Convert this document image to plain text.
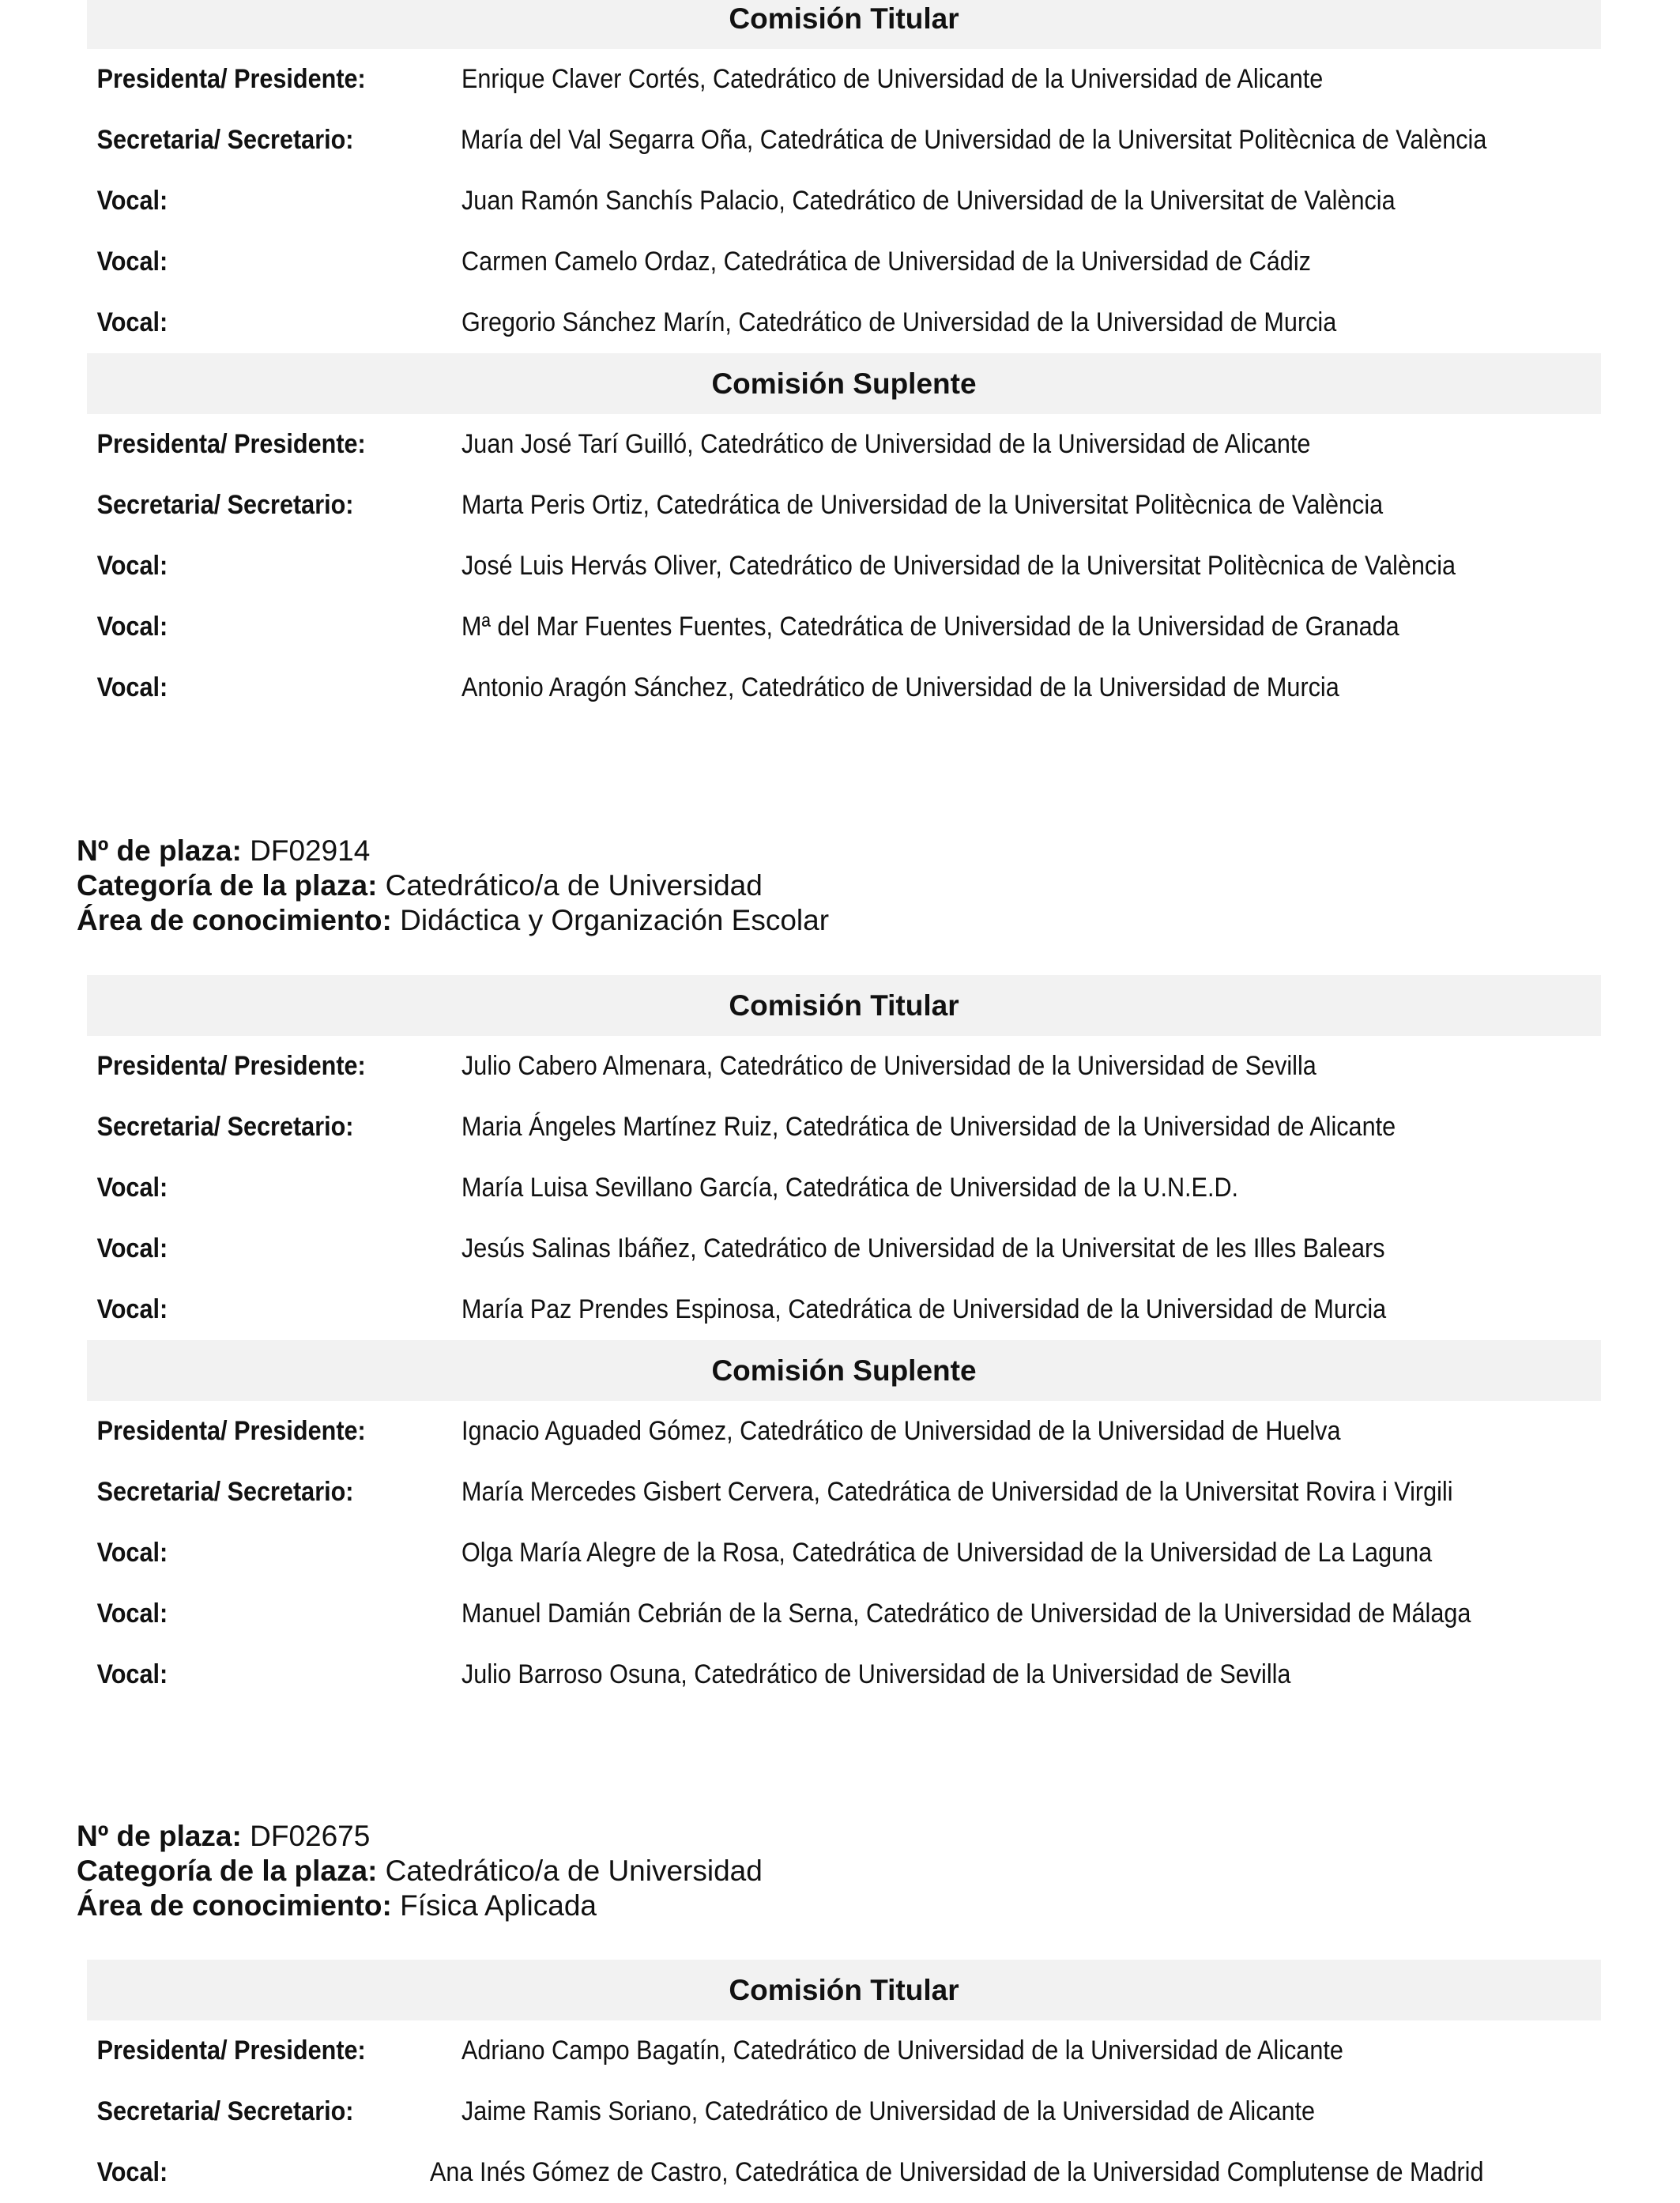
Comisión Titular
Presidenta/ Presidente:	Enrique Claver Cortés, Catedrático de Universidad de la Universidad de Alicante
Secretaria/ Secretario:	María del Val Segarra Oña, Catedrática de Universidad de la Universitat Politècnica de València
Vocal:	Juan Ramón Sanchís Palacio, Catedrático de Universidad de la Universitat de València
Vocal:	Carmen Camelo Ordaz, Catedrática de Universidad de la Universidad de Cádiz
Vocal:	Gregorio Sánchez Marín, Catedrático de Universidad de la Universidad de Murcia
Comisión Suplente
Presidenta/ Presidente:	Juan José Tarí Guilló, Catedrático de Universidad de la Universidad de Alicante
Secretaria/ Secretario:	Marta Peris Ortiz, Catedrática de Universidad de la Universitat Politècnica de València
Vocal:	José Luis Hervás Oliver, Catedrático de Universidad de la Universitat Politècnica de València
Vocal:	Mª del Mar Fuentes Fuentes, Catedrática de Universidad de la Universidad de Granada
Vocal:	Antonio Aragón Sánchez, Catedrático de Universidad de la Universidad de Murcia
Nº de plaza: DF02914
Categoría de la plaza: Catedrático/a de Universidad
Área de conocimiento: Didáctica y Organización Escolar
Comisión Titular
Presidenta/ Presidente:	Julio Cabero Almenara, Catedrático de Universidad de la Universidad de Sevilla
Secretaria/ Secretario:	Maria Ángeles Martínez Ruiz, Catedrática de Universidad de la Universidad de Alicante
Vocal:	María Luisa Sevillano García, Catedrática de Universidad de la U.N.E.D.
Vocal:	Jesús Salinas Ibáñez, Catedrático de Universidad de la Universitat de les Illes Balears
Vocal:	María Paz Prendes Espinosa, Catedrática de Universidad de la Universidad de Murcia
Comisión Suplente
Presidenta/ Presidente:	Ignacio Aguaded Gómez, Catedrático de Universidad de la Universidad de Huelva
Secretaria/ Secretario:	María Mercedes Gisbert Cervera, Catedrática de Universidad de la Universitat Rovira i Virgili
Vocal:	Olga María Alegre de la Rosa, Catedrática de Universidad de la Universidad de La Laguna
Vocal:	Manuel Damián Cebrián de la Serna, Catedrático de Universidad de la Universidad de Málaga
Vocal:	Julio Barroso Osuna, Catedrático de Universidad de la Universidad de Sevilla
Nº de plaza: DF02675
Categoría de la plaza: Catedrático/a de Universidad
Área de conocimiento: Física Aplicada
Comisión Titular
Presidenta/ Presidente:	Adriano Campo Bagatín, Catedrático de Universidad de la Universidad de Alicante
Secretaria/ Secretario:	Jaime Ramis Soriano, Catedrático de Universidad de la Universidad de Alicante
Vocal:	Ana Inés Gómez de Castro, Catedrática de Universidad de la Universidad Complutense de Madrid
